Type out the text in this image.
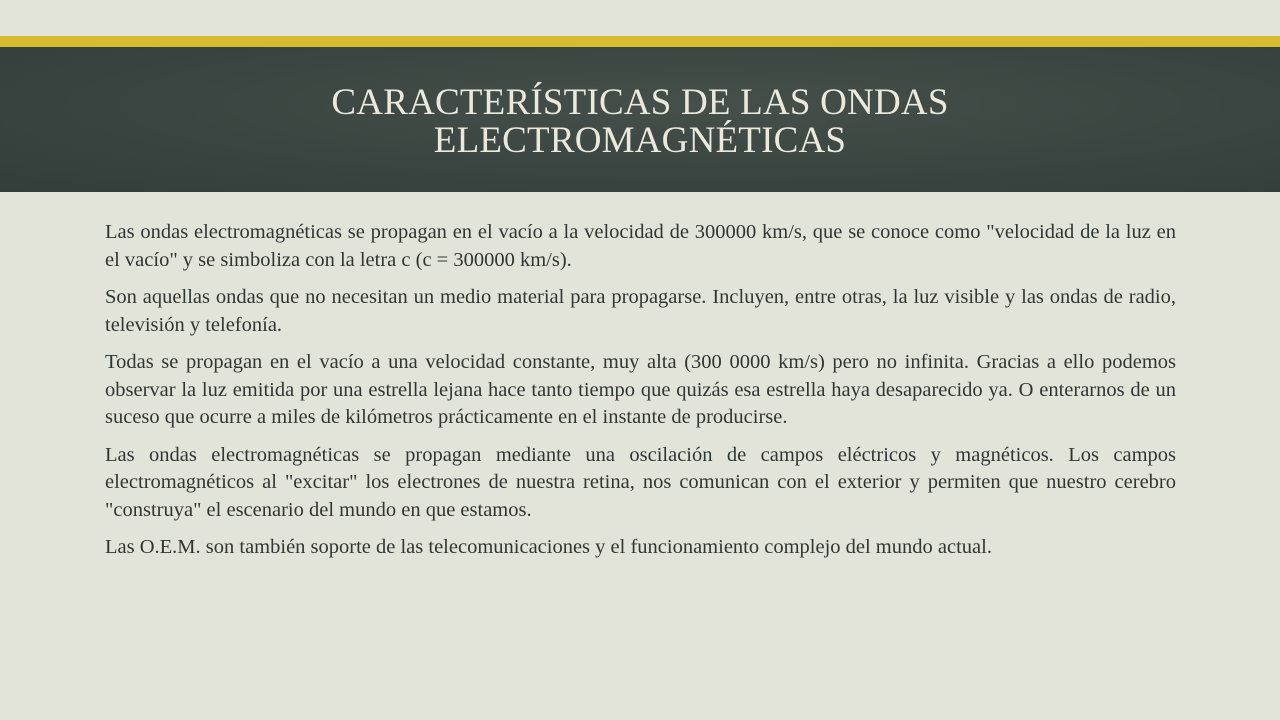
CARACTERÍSTICAS DE LAS ONDAS
ELECTROMAGNÉTICAS

Las ondas electromagnéticas se propagan en el vacío a la velocidad de 300000 km/s, que se conoce como "velocidad de la luz en el vacío" y se simboliza con la letra c (c = 300000 km/s).

Son aquellas ondas que no necesitan un medio material para propagarse. Incluyen, entre otras, la luz visible y las ondas de radio, televisión y telefonía.

Todas se propagan en el vacío a una velocidad constante, muy alta (300 0000 km/s) pero no infinita. Gracias a ello podemos observar la luz emitida por una estrella lejana hace tanto tiempo que quizás esa estrella haya desaparecido ya. O enterarnos de un suceso que ocurre a miles de kilómetros prácticamente en el instante de producirse.

Las ondas electromagnéticas se propagan mediante una oscilación de campos eléctricos y magnéticos. Los campos electromagnéticos al "excitar" los electrones de nuestra retina, nos comunican con el exterior y permiten que nuestro cerebro "construya" el escenario del mundo en que estamos.

Las O.E.M. son también soporte de las telecomunicaciones y el funcionamiento complejo del mundo actual.
